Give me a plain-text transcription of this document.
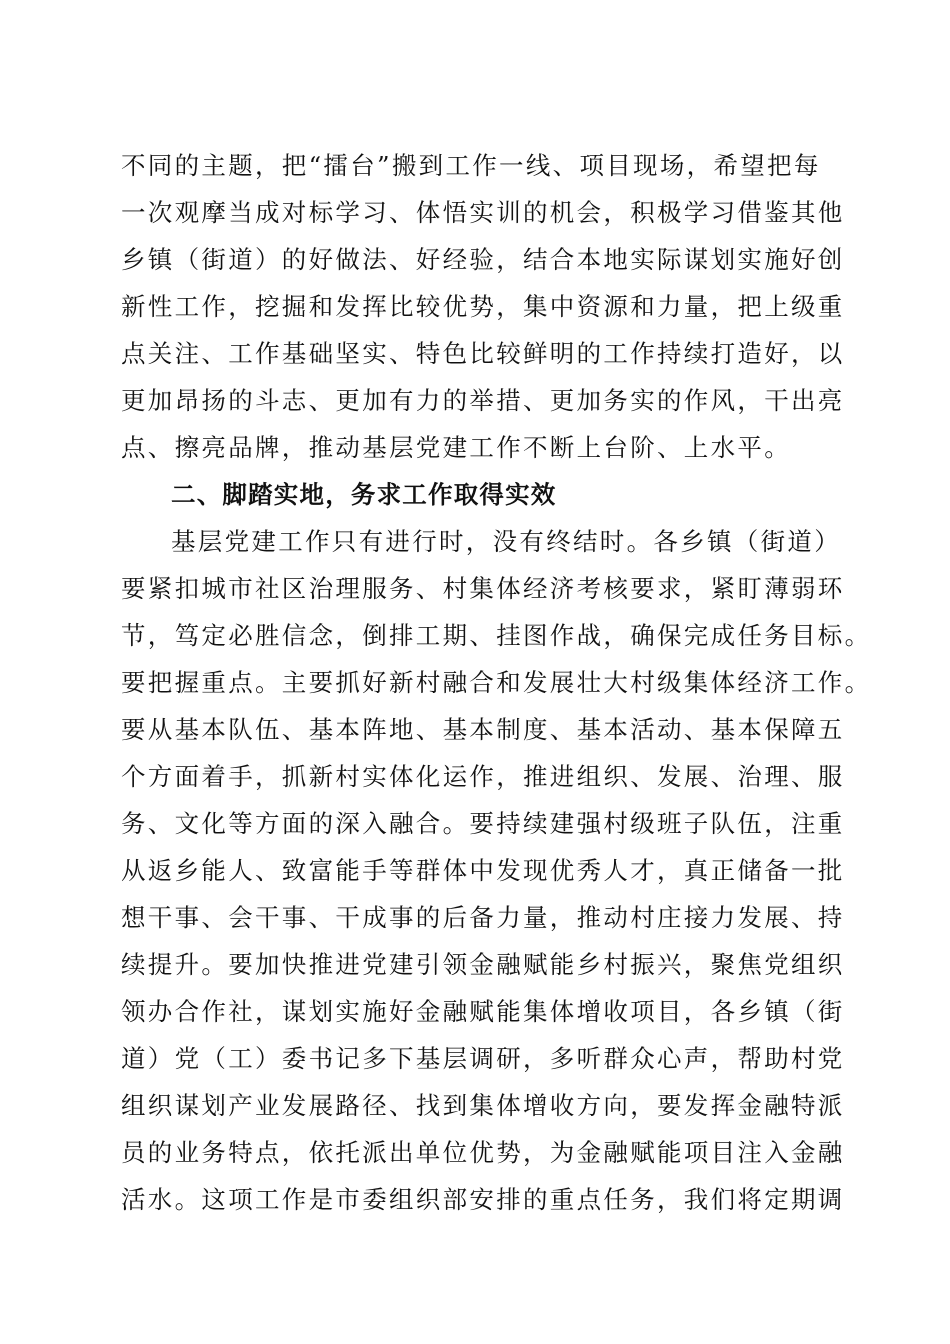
不同的主题，把“擂台”搬到工作一线、项目现场，希望把每
一次观摩当成对标学习、体悟实训的机会，积极学习借鉴其他
乡镇（街道）的好做法、好经验，结合本地实际谋划实施好创
新性工作，挖掘和发挥比较优势，集中资源和力量，把上级重
点关注、工作基础坚实、特色比较鲜明的工作持续打造好，以
更加昂扬的斗志、更加有力的举措、更加务实的作风，干出亮
点、擦亮品牌，推动基层党建工作不断上台阶、上水平。
二、脚踏实地，务求工作取得实效
基层党建工作只有进行时，没有终结时。各乡镇（街道）
要紧扣城市社区治理服务、村集体经济考核要求，紧盯薄弱环
节，笃定必胜信念，倒排工期、挂图作战，确保完成任务目标。
要把握重点。主要抓好新村融合和发展壮大村级集体经济工作。
要从基本队伍、基本阵地、基本制度、基本活动、基本保障五
个方面着手，抓新村实体化运作，推进组织、发展、治理、服
务、文化等方面的深入融合。要持续建强村级班子队伍，注重
从返乡能人、致富能手等群体中发现优秀人才，真正储备一批
想干事、会干事、干成事的后备力量，推动村庄接力发展、持
续提升。要加快推进党建引领金融赋能乡村振兴，聚焦党组织
领办合作社，谋划实施好金融赋能集体增收项目，各乡镇（街
道）党（工）委书记多下基层调研，多听群众心声，帮助村党
组织谋划产业发展路径、找到集体增收方向，要发挥金融特派
员的业务特点，依托派出单位优势，为金融赋能项目注入金融
活水。这项工作是市委组织部安排的重点任务，我们将定期调
